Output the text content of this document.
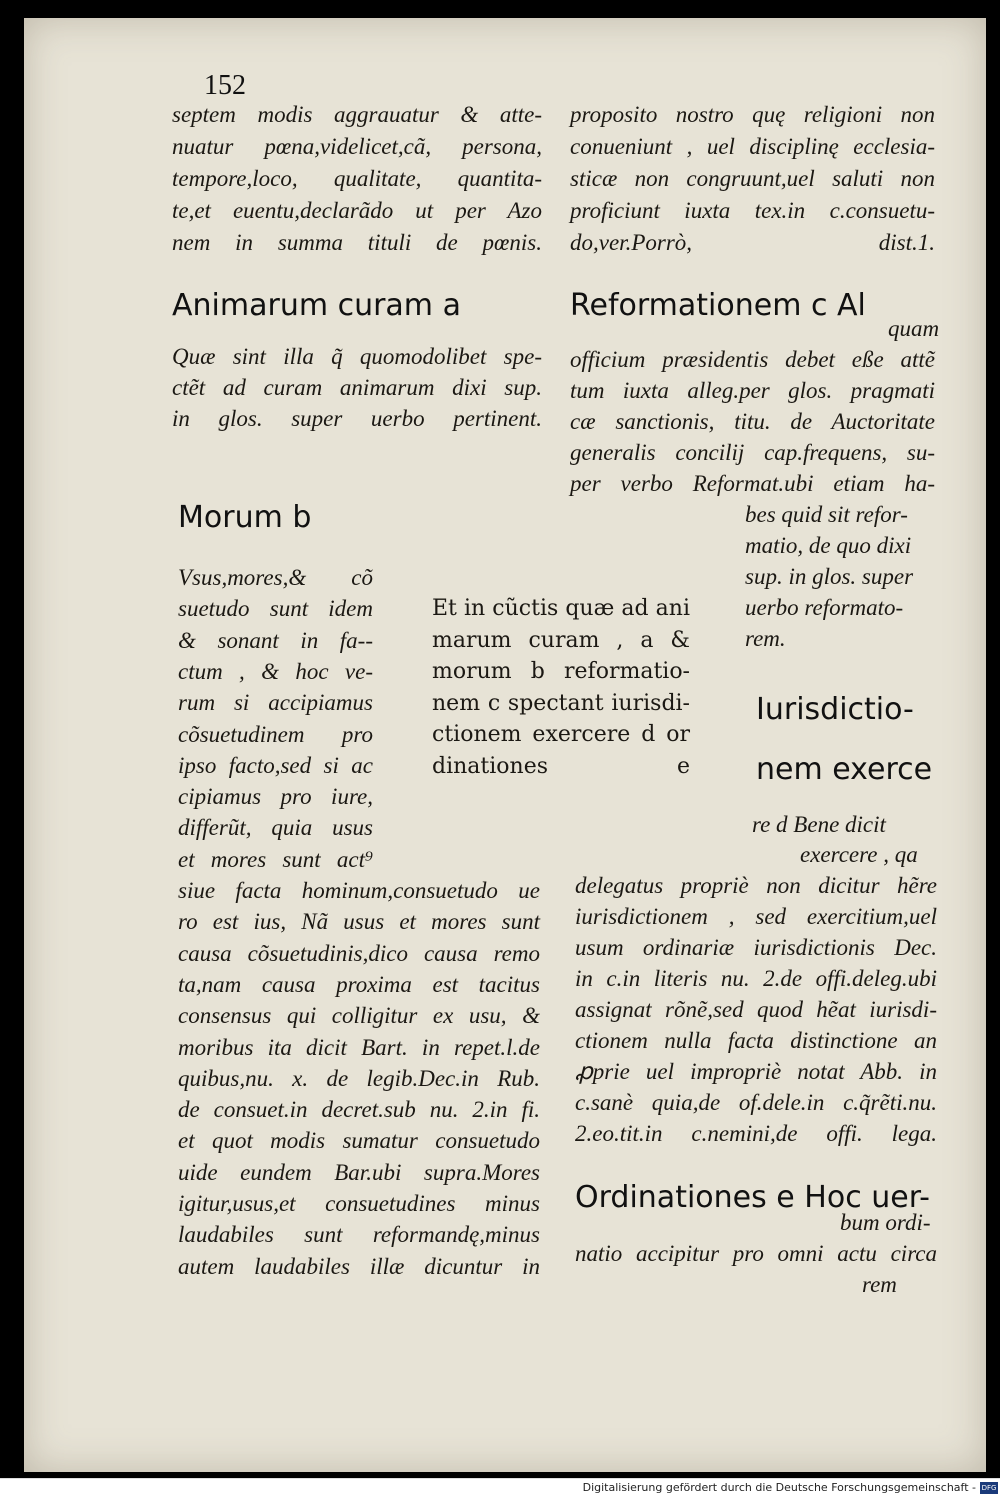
152
septem modis aggrauatur & atte-
nuatur pœna,videlicet,cã, persona,
tempore,loco, qualitate, quantita-
te,et euentu,declarãdo ut per Azo
nem in summa tituli de pœnis.
proposito nostro quę religioni non
conueniunt , uel disciplinę ecclesia-
sticæ non congruunt,uel saluti non
proficiunt iuxta tex.in c.consuetu-
do,ver.Porrò, dist.1.
Animarum curam a
Quæ sint illa q̃ quomodolibet spe-
ctẽt ad curam animarum dixi sup.
in glos. super uerbo pertinent.
Reformationem c Al
quam
officium præsidentis debet eße attẽ
tum iuxta alleg.per glos. pragmati
cæ sanctionis, titu. de Auctoritate
generalis concilij cap.frequens, su-
per verbo Reformat.ubi etiam ha-
bes quid sit refor-
matio, de quo dixi
sup. in glos. super
uerbo reformato-
rem.
Morum b
Vsus,mores,& cõ
suetudo sunt idem
& sonant in fa--
ctum , & hoc ve-
rum si accipiamus
cõsuetudinem pro
ipso facto,sed si ac
cipiamus pro iure,
differũt, quia usus
et mores sunt act⁹
siue facta hominum,consuetudo ue
ro est ius, Nã usus et mores sunt
causa cõsuetudinis,dico causa remo
ta,nam causa proxima est tacitus
consensus qui colligitur ex usu, &
moribus ita dicit Bart. in repet.l.de
quibus,nu. x. de legib.Dec.in Rub.
de consuet.in decret.sub nu. 2.in fi.
et quot modis sumatur consuetudo
uide eundem Bar.ubi supra.Mores
igitur,usus,et consuetudines minus
laudabiles sunt reformandę,minus
autem laudabiles illæ dicuntur in
Et in cũctis quæ ad ani
marum curam , a &
morum b reformatio-
nem c spectant iurisdi-
ctionem exercere d or
dinationes e
Iurisdictio-
nem exerce
re d Bene dicit
exercere , qa
delegatus propriè non dicitur hẽre
iurisdictionem , sed exercitium,uel
usum ordinariæ iurisdictionis Dec.
in c.in literis nu. 2.de offi.deleg.ubi
assignat rõnẽ,sed quod hẽat iurisdi-
ctionem nulla facta distinctione an
ꝓprie uel impropriè notat Abb. in
c.sanè quia,de of.dele.in c.q̃rẽti.nu.
2.eo.tit.in c.nemini,de offi. lega.
Ordinationes e Hoc uer-
bum ordi-
natio accipitur pro omni actu circa
rem
Digitalisierung gefördert durch die Deutsche Forschungsgemeinschaft - DFG
